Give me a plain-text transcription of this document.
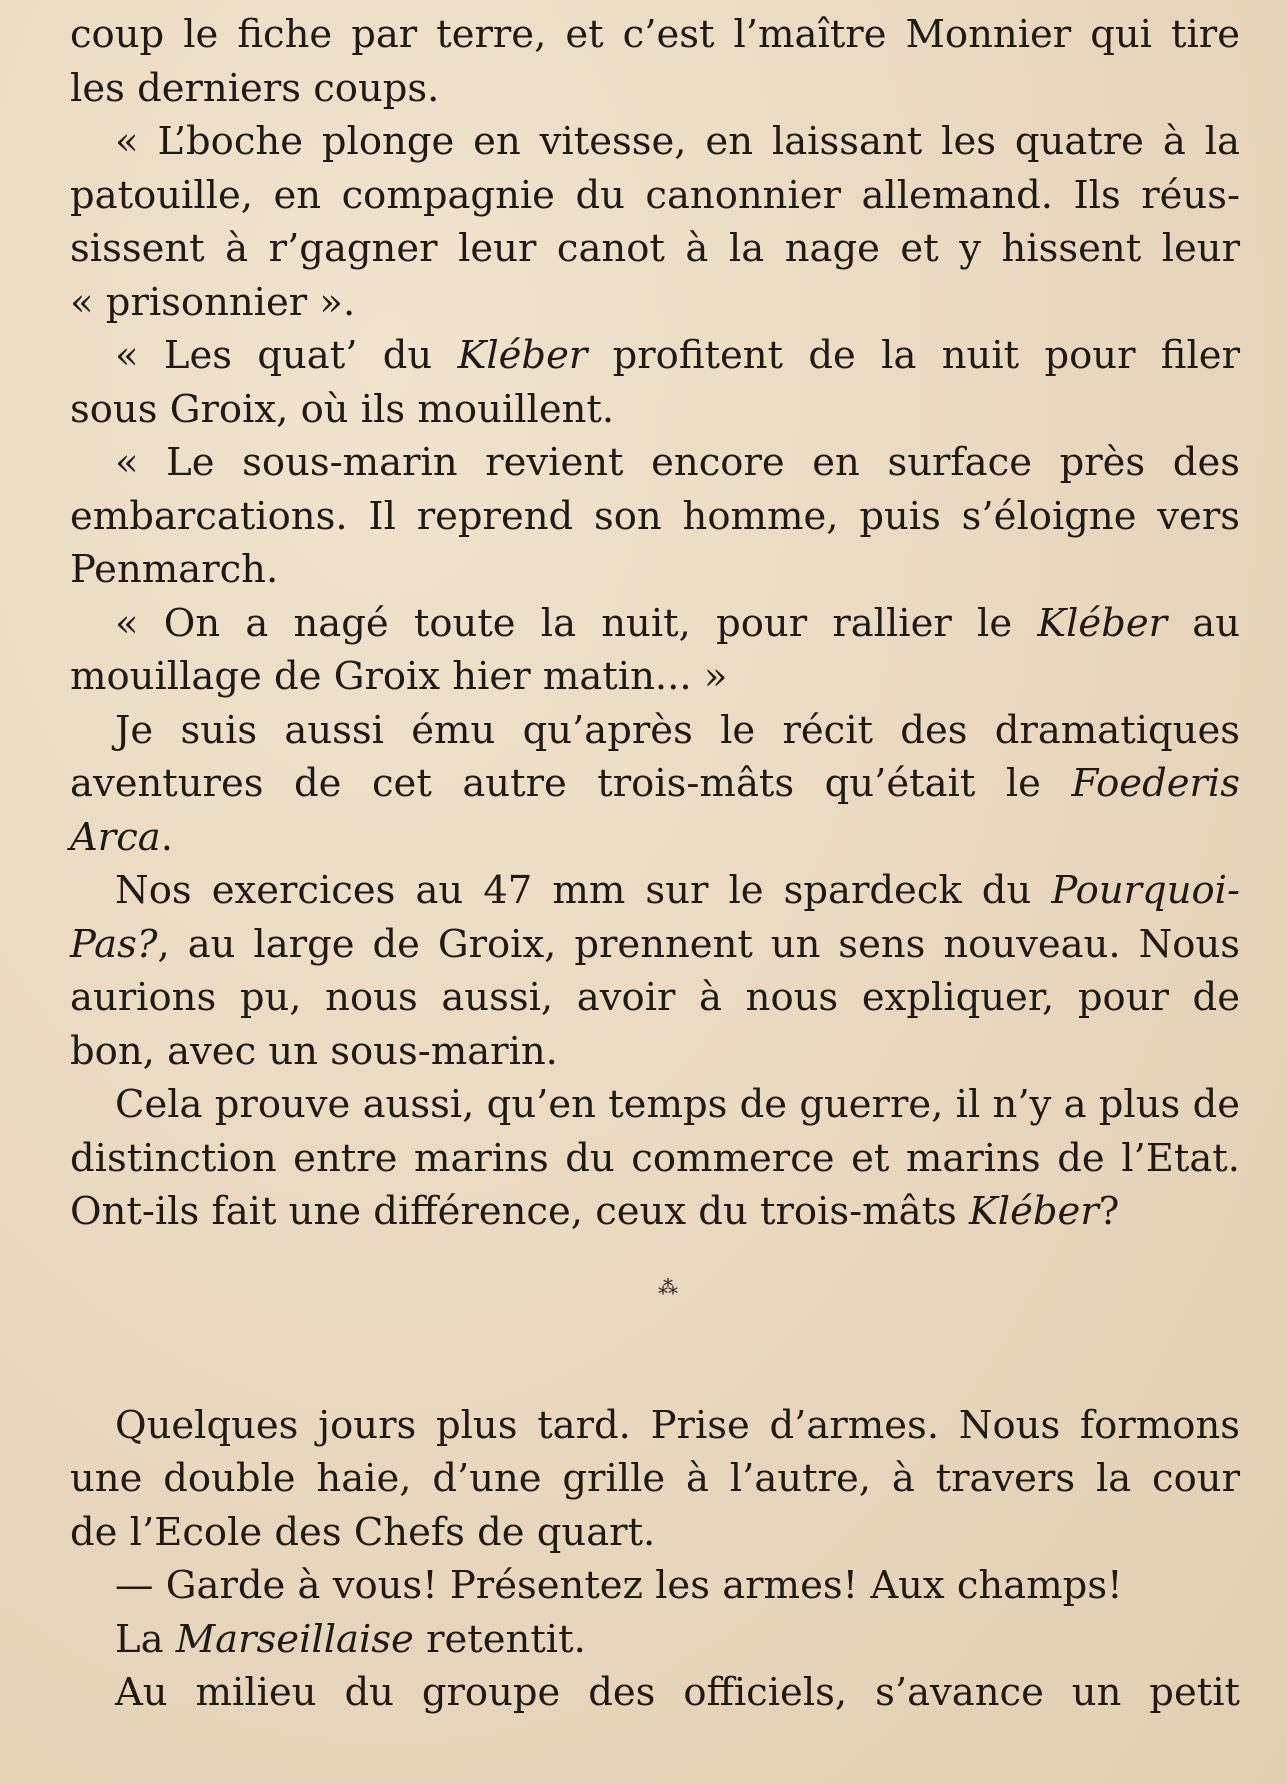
coup le fiche par terre, et c’est l’maître Monnier qui tire
les derniers coups.
« L’boche plonge en vitesse, en laissant les quatre à la
patouille, en compagnie du canonnier allemand. Ils réus-
sissent à r’gagner leur canot à la nage et y hissent leur
« prisonnier ».
« Les quat’ du Kléber profitent de la nuit pour filer
sous Groix, où ils mouillent.
« Le sous-marin revient encore en surface près des
embarcations. Il reprend son homme, puis s’éloigne vers
Penmarch.
« On a nagé toute la nuit, pour rallier le Kléber au
mouillage de Groix hier matin... »
Je suis aussi ému qu’après le récit des dramatiques
aventures de cet autre trois-mâts qu’était le Foederis
Arca.
Nos exercices au 47 mm sur le spardeck du Pourquoi-
Pas?, au large de Groix, prennent un sens nouveau. Nous
aurions pu, nous aussi, avoir à nous expliquer, pour de
bon, avec un sous-marin.
Cela prouve aussi, qu’en temps de guerre, il n’y a plus de
distinction entre marins du commerce et marins de l’Etat.
Ont-ils fait une différence, ceux du trois-mâts Kléber?
⁂
Quelques jours plus tard. Prise d’armes. Nous formons
une double haie, d’une grille à l’autre, à travers la cour
de l’Ecole des Chefs de quart.
— Garde à vous! Présentez les armes! Aux champs!
La Marseillaise retentit.
Au milieu du groupe des officiels, s’avance un petit
